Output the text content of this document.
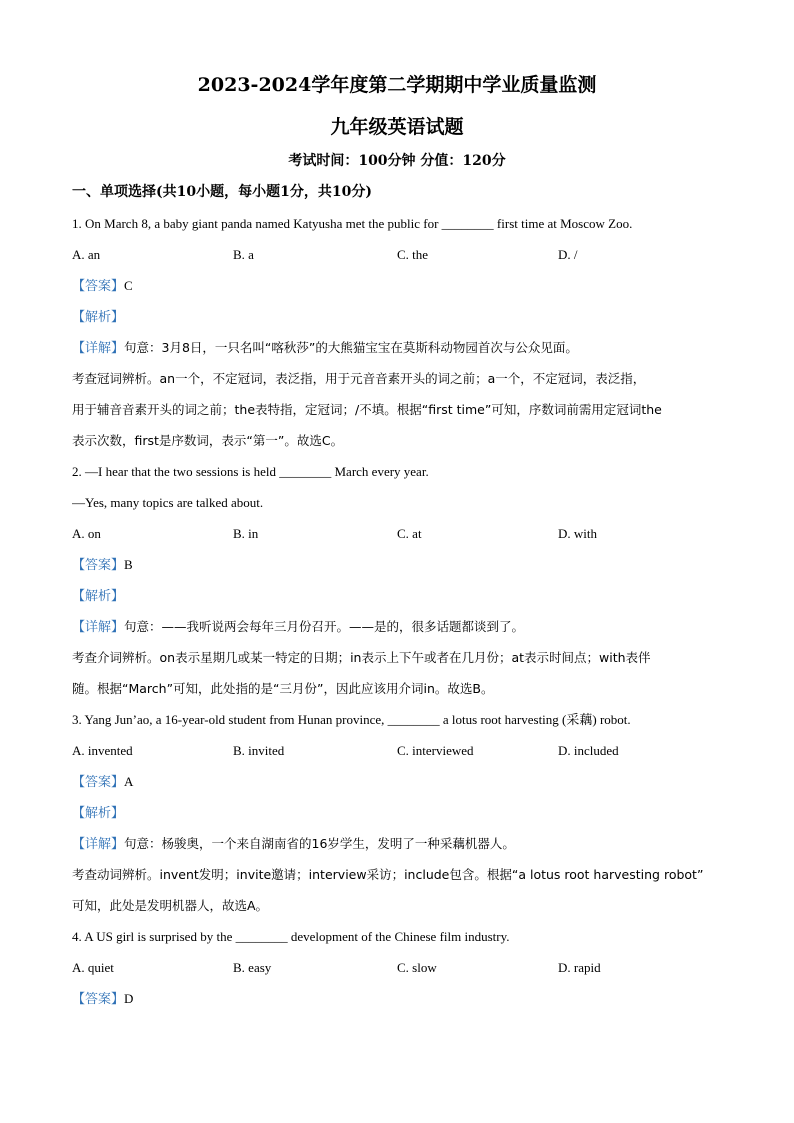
2023-2024学年度第二学期期中学业质量监测
九年级英语试题
考试时间：100分钟 分值：120分
一、单项选择(共10小题，每小题1分，共10分)
1. On March 8, a baby giant panda named Katyusha met the public for ________ first time at Moscow Zoo.
A. an	B. a	C. the	D. /
【答案】C
【解析】
【详解】句意：3月8日，一只名叫“喀秋莎”的大熊猫宝宝在莫斯科动物园首次与公众见面。
考查冠词辨析。an一个，不定冠词，表泛指，用于元音音素开头的词之前；a一个，不定冠词，表泛指，
用于辅音音素开头的词之前；the表特指，定冠词；/不填。根据“first time”可知，序数词前需用定冠词the
表示次数，first是序数词，表示“第一”。故选C。
2. —I hear that the two sessions is held ________ March every year.
—Yes, many topics are talked about.
A. on	B. in	C. at	D. with
【答案】B
【解析】
【详解】句意：——我听说两会每年三月份召开。——是的，很多话题都谈到了。
考查介词辨析。on表示星期几或某一特定的日期；in表示上下午或者在几月份；at表示时间点；with表伴
随。根据“March”可知，此处指的是“三月份”，因此应该用介词in。故选B。
3. Yang Jun’ao, a 16-year-old student from Hunan province, ________ a lotus root harvesting (采藕) robot.
A. invented	B. invited	C. interviewed	D. included
【答案】A
【解析】
【详解】句意：杨骏奥，一个来自湖南省的16岁学生，发明了一种采藕机器人。
考查动词辨析。invent发明；invite邀请；interview采访；include包含。根据“a lotus root harvesting robot”
可知，此处是发明机器人，故选A。
4. A US girl is surprised by the ________ development of the Chinese film industry.
A. quiet	B. easy	C. slow	D. rapid
【答案】D
